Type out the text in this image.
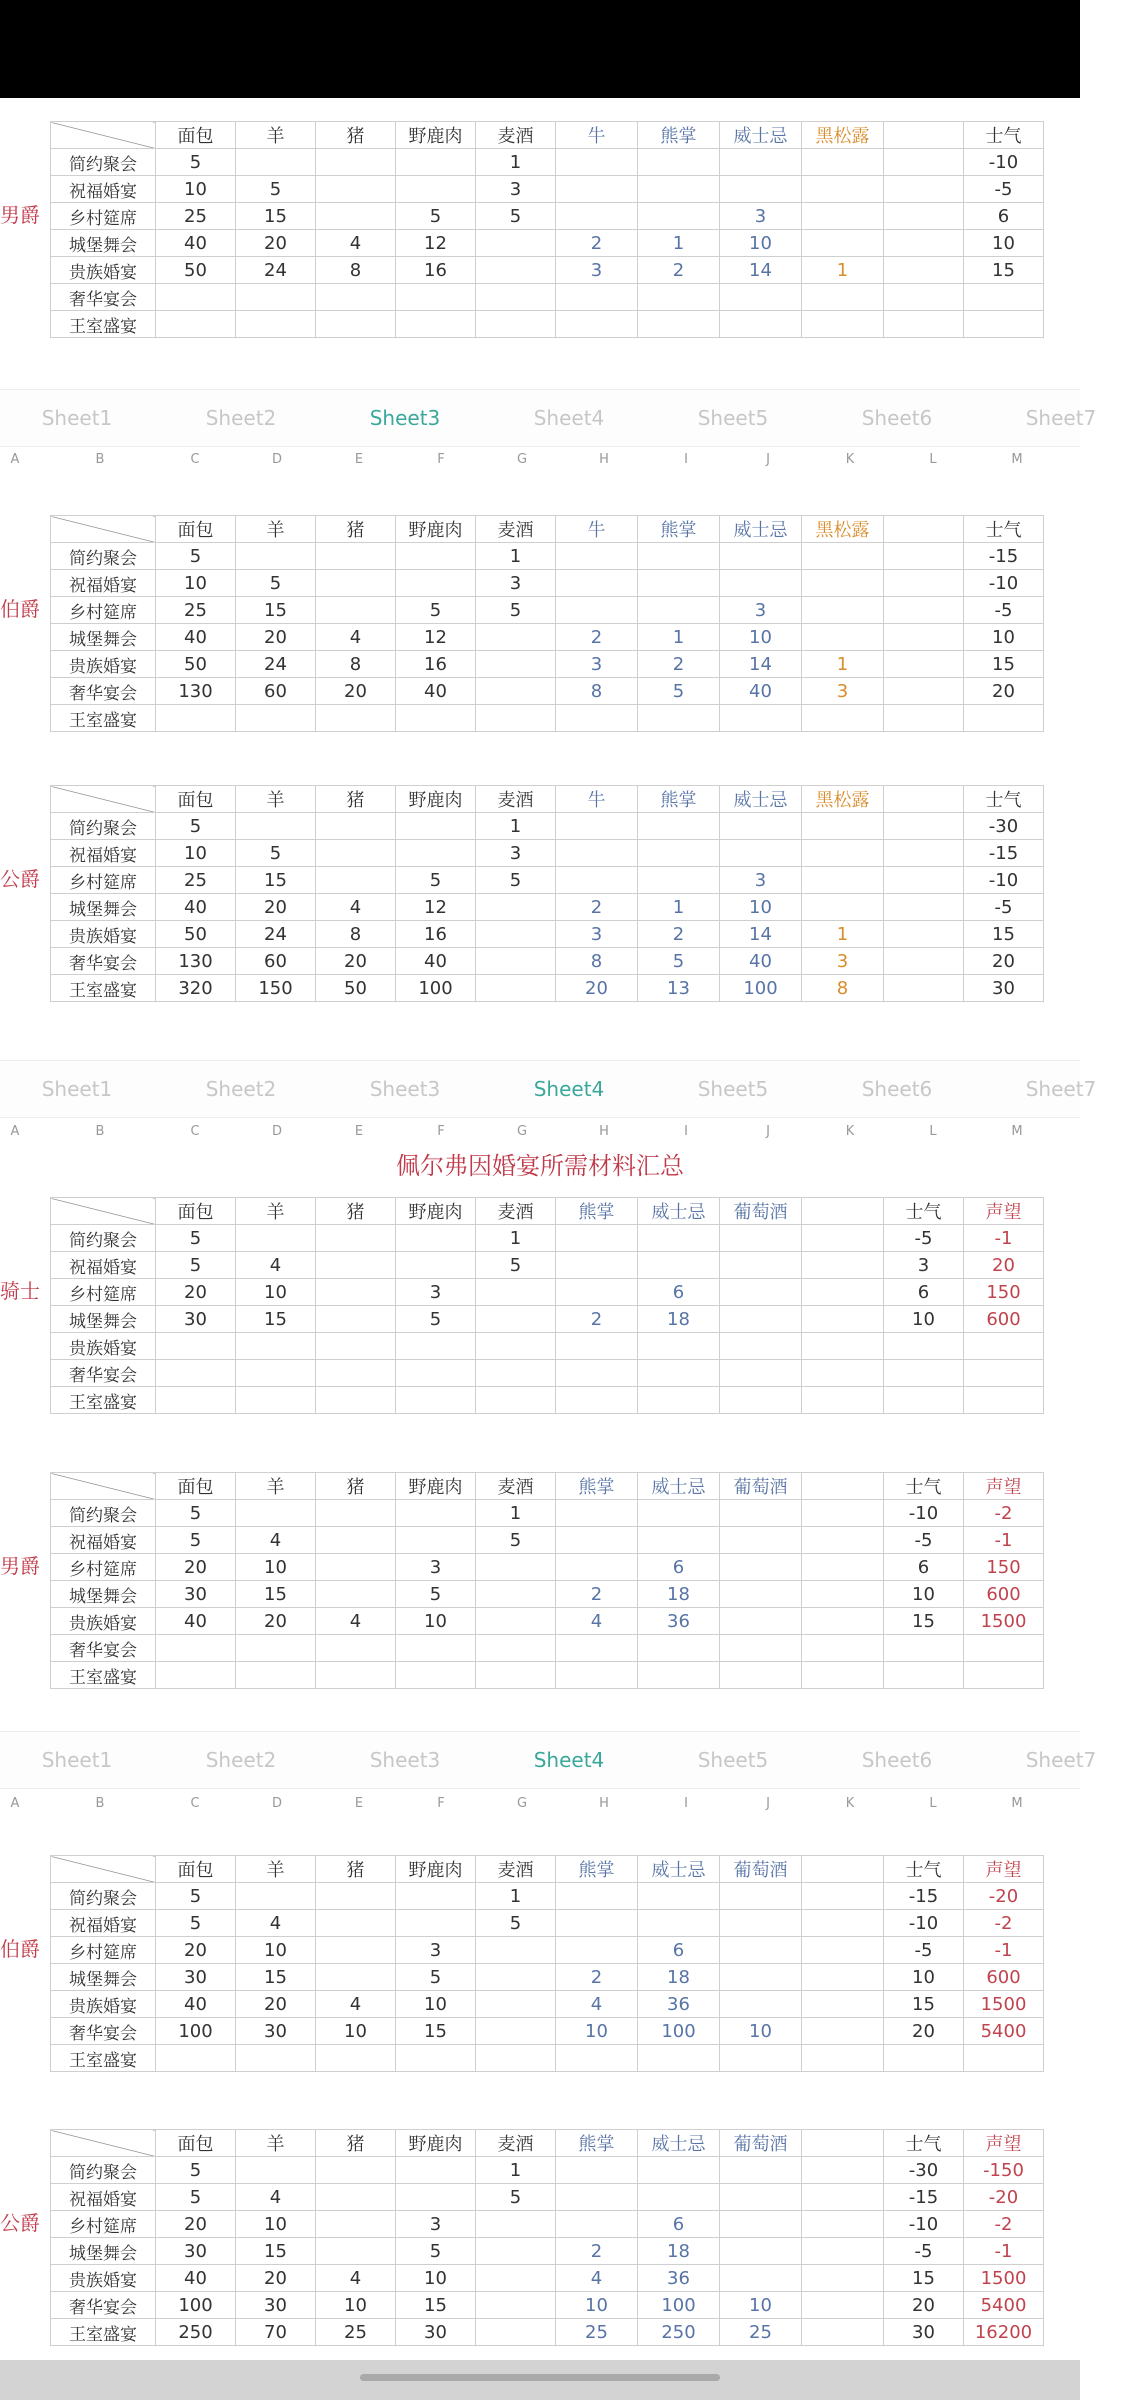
	面包	羊	猪	野鹿肉	麦酒	牛	熊掌	威士忌	黑松露		士气
简约聚会	5				1						-10
祝福婚宴	10	5			3						-5
乡村筵席	25	15		5	5			3			6
城堡舞会	40	20	4	12		2	1	10			10
贵族婚宴	50	24	8	16		3	2	14	1		15
奢华宴会											
王室盛宴											
男爵
Sheet1	Sheet2	Sheet3	Sheet4	Sheet5	Sheet6	Sheet7
A	B	C	D	E	F	G	H	I	J	K	L	M
	面包	羊	猪	野鹿肉	麦酒	牛	熊掌	威士忌	黑松露		士气
简约聚会	5				1						-15
祝福婚宴	10	5			3						-10
乡村筵席	25	15		5	5			3			-5
城堡舞会	40	20	4	12		2	1	10			10
贵族婚宴	50	24	8	16		3	2	14	1		15
奢华宴会	130	60	20	40		8	5	40	3		20
王室盛宴											
伯爵
	面包	羊	猪	野鹿肉	麦酒	牛	熊掌	威士忌	黑松露		士气
简约聚会	5				1						-30
祝福婚宴	10	5			3						-15
乡村筵席	25	15		5	5			3			-10
城堡舞会	40	20	4	12		2	1	10			-5
贵族婚宴	50	24	8	16		3	2	14	1		15
奢华宴会	130	60	20	40		8	5	40	3		20
王室盛宴	320	150	50	100		20	13	100	8		30
公爵
Sheet1	Sheet2	Sheet3	Sheet4	Sheet5	Sheet6	Sheet7
A	B	C	D	E	F	G	H	I	J	K	L	M
佩尔弗因婚宴所需材料汇总
	面包	羊	猪	野鹿肉	麦酒	熊掌	威士忌	葡萄酒		士气	声望
简约聚会	5				1					-5	-1
祝福婚宴	5	4			5					3	20
乡村筵席	20	10		3			6			6	150
城堡舞会	30	15		5		2	18			10	600
贵族婚宴											
奢华宴会											
王室盛宴											
骑士
	面包	羊	猪	野鹿肉	麦酒	熊掌	威士忌	葡萄酒		士气	声望
简约聚会	5				1					-10	-2
祝福婚宴	5	4			5					-5	-1
乡村筵席	20	10		3			6			6	150
城堡舞会	30	15		5		2	18			10	600
贵族婚宴	40	20	4	10		4	36			15	1500
奢华宴会											
王室盛宴											
男爵
Sheet1	Sheet2	Sheet3	Sheet4	Sheet5	Sheet6	Sheet7
A	B	C	D	E	F	G	H	I	J	K	L	M
	面包	羊	猪	野鹿肉	麦酒	熊掌	威士忌	葡萄酒		士气	声望
简约聚会	5				1					-15	-20
祝福婚宴	5	4			5					-10	-2
乡村筵席	20	10		3			6			-5	-1
城堡舞会	30	15		5		2	18			10	600
贵族婚宴	40	20	4	10		4	36			15	1500
奢华宴会	100	30	10	15		10	100	10		20	5400
王室盛宴											
伯爵
	面包	羊	猪	野鹿肉	麦酒	熊掌	威士忌	葡萄酒		士气	声望
简约聚会	5				1					-30	-150
祝福婚宴	5	4			5					-15	-20
乡村筵席	20	10		3			6			-10	-2
城堡舞会	30	15		5		2	18			-5	-1
贵族婚宴	40	20	4	10		4	36			15	1500
奢华宴会	100	30	10	15		10	100	10		20	5400
王室盛宴	250	70	25	30		25	250	25		30	16200
公爵
